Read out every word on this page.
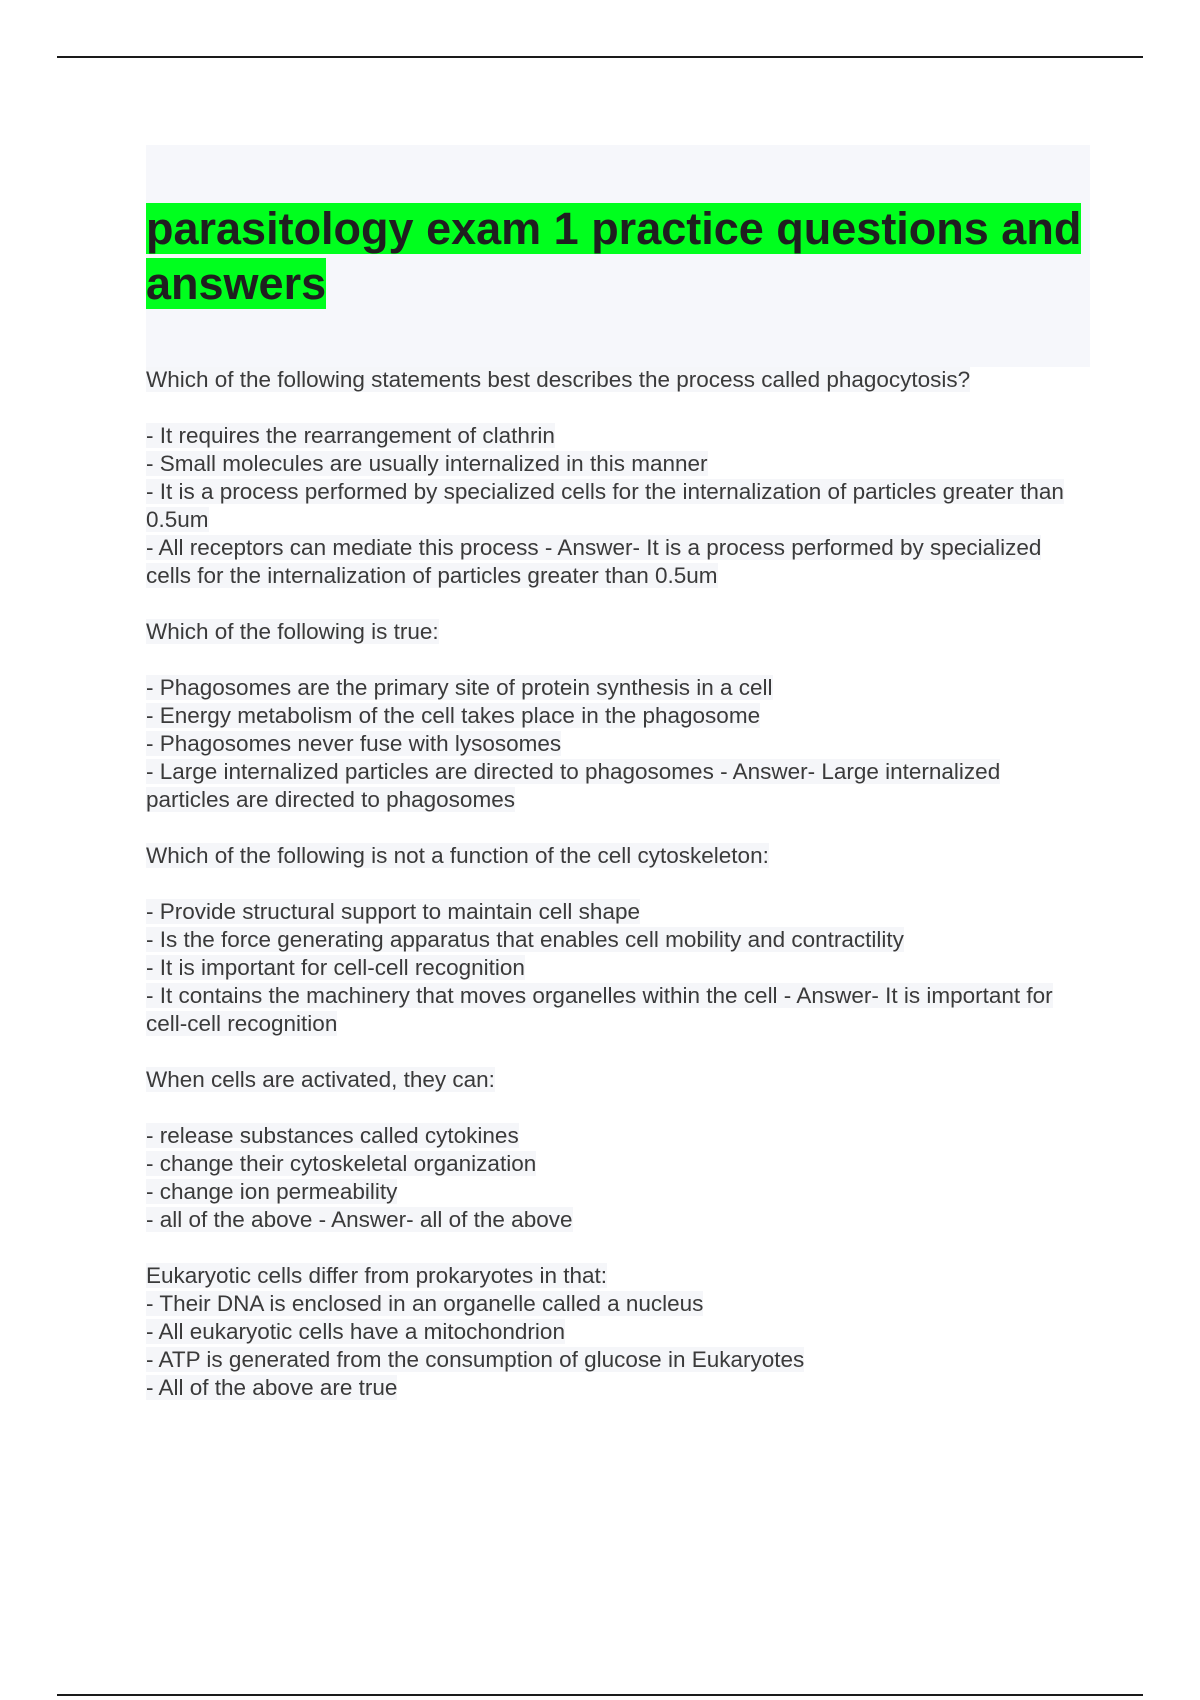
parasitology exam 1 practice questions and answers
Which of the following statements best describes the process called phagocytosis?
- It requires the rearrangement of clathrin
- Small molecules are usually internalized in this manner
- It is a process performed by specialized cells for the internalization of particles greater than 0.5um
- All receptors can mediate this process - Answer- It is a process performed by specialized cells for the internalization of particles greater than 0.5um
Which of the following is true:
- Phagosomes are the primary site of protein synthesis in a cell
- Energy metabolism of the cell takes place in the phagosome
- Phagosomes never fuse with lysosomes
- Large internalized particles are directed to phagosomes - Answer- Large internalized particles are directed to phagosomes
Which of the following is not a function of the cell cytoskeleton:
- Provide structural support to maintain cell shape
- Is the force generating apparatus that enables cell mobility and contractility
- It is important for cell-cell recognition
- It contains the machinery that moves organelles within the cell - Answer- It is important for cell-cell recognition
When cells are activated, they can:
- release substances called cytokines
- change their cytoskeletal organization
- change ion permeability
- all of the above - Answer- all of the above
Eukaryotic cells differ from prokaryotes in that:
- Their DNA is enclosed in an organelle called a nucleus
- All eukaryotic cells have a mitochondrion
- ATP is generated from the consumption of glucose in Eukaryotes
- All of the above are true
